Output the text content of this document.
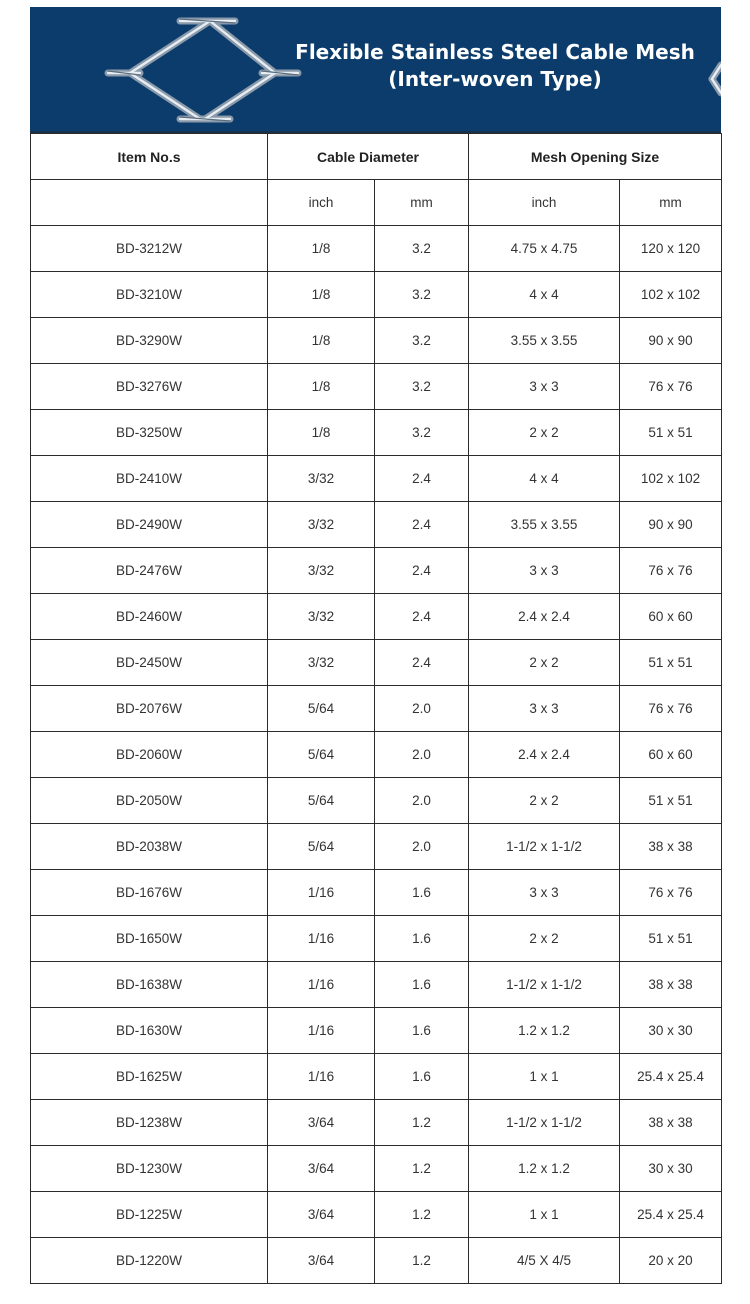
Flexible Stainless Steel Cable Mesh
(Inter-woven Type)
Item No.s	Cable Diameter		Mesh Opening Size	
	inch	mm	inch	mm
BD-3212W	1/8	3.2	4.75 x 4.75	120 x 120
BD-3210W	1/8	3.2	4 x 4	102 x 102
BD-3290W	1/8	3.2	3.55 x 3.55	90 x 90
BD-3276W	1/8	3.2	3 x 3	76 x 76
BD-3250W	1/8	3.2	2 x 2	51 x 51
BD-2410W	3/32	2.4	4 x 4	102 x 102
BD-2490W	3/32	2.4	3.55 x 3.55	90 x 90
BD-2476W	3/32	2.4	3 x 3	76 x 76
BD-2460W	3/32	2.4	2.4 x 2.4	60 x 60
BD-2450W	3/32	2.4	2 x 2	51 x 51
BD-2076W	5/64	2.0	3 x 3	76 x 76
BD-2060W	5/64	2.0	2.4 x 2.4	60 x 60
BD-2050W	5/64	2.0	2 x 2	51 x 51
BD-2038W	5/64	2.0	1-1/2 x 1-1/2	38 x 38
BD-1676W	1/16	1.6	3 x 3	76 x 76
BD-1650W	1/16	1.6	2 x 2	51 x 51
BD-1638W	1/16	1.6	1-1/2 x 1-1/2	38 x 38
BD-1630W	1/16	1.6	1.2 x 1.2	30 x 30
BD-1625W	1/16	1.6	1 x 1	25.4 x 25.4
BD-1238W	3/64	1.2	1-1/2 x 1-1/2	38 x 38
BD-1230W	3/64	1.2	1.2 x 1.2	30 x 30
BD-1225W	3/64	1.2	1 x 1	25.4 x 25.4
BD-1220W	3/64	1.2	4/5 X 4/5	20 x 20
